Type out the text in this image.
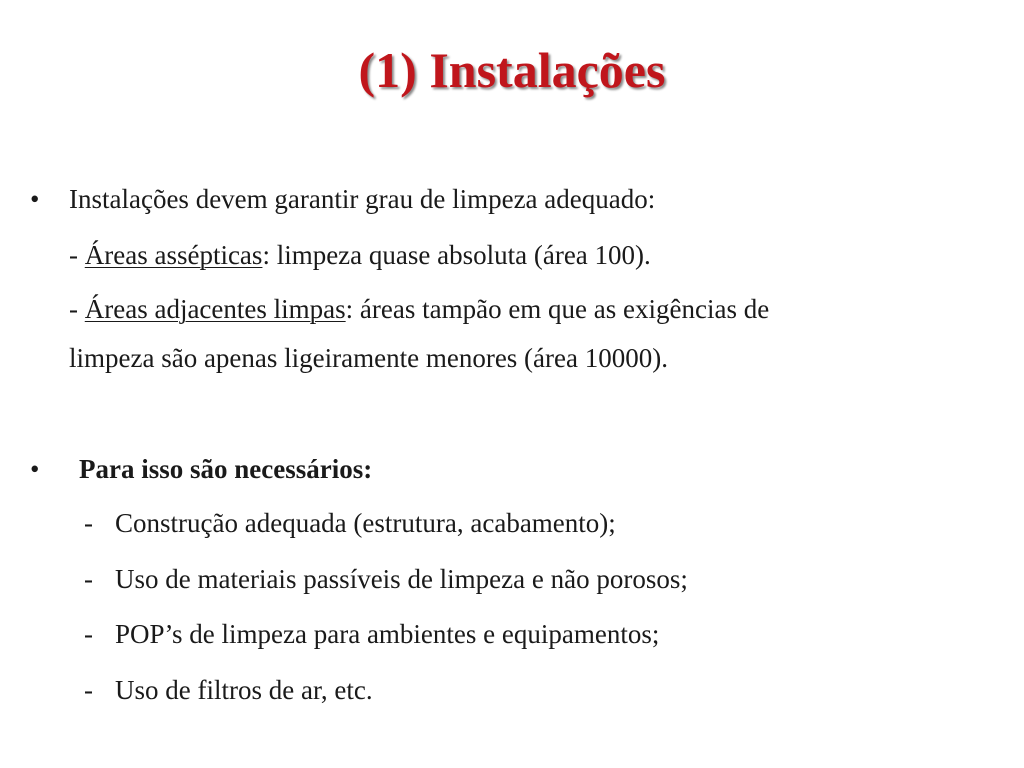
(1) Instalações
• Instalações devem garantir grau de limpeza adequado:
- Áreas assépticas: limpeza quase absoluta (área 100).
- Áreas adjacentes limpas: áreas tampão em que as exigências de
limpeza são apenas ligeiramente menores (área 10000).
• Para isso são necessários:
- Construção adequada (estrutura, acabamento);
- Uso de materiais passíveis de limpeza e não porosos;
- POP’s de limpeza para ambientes e equipamentos;
- Uso de filtros de ar, etc.
